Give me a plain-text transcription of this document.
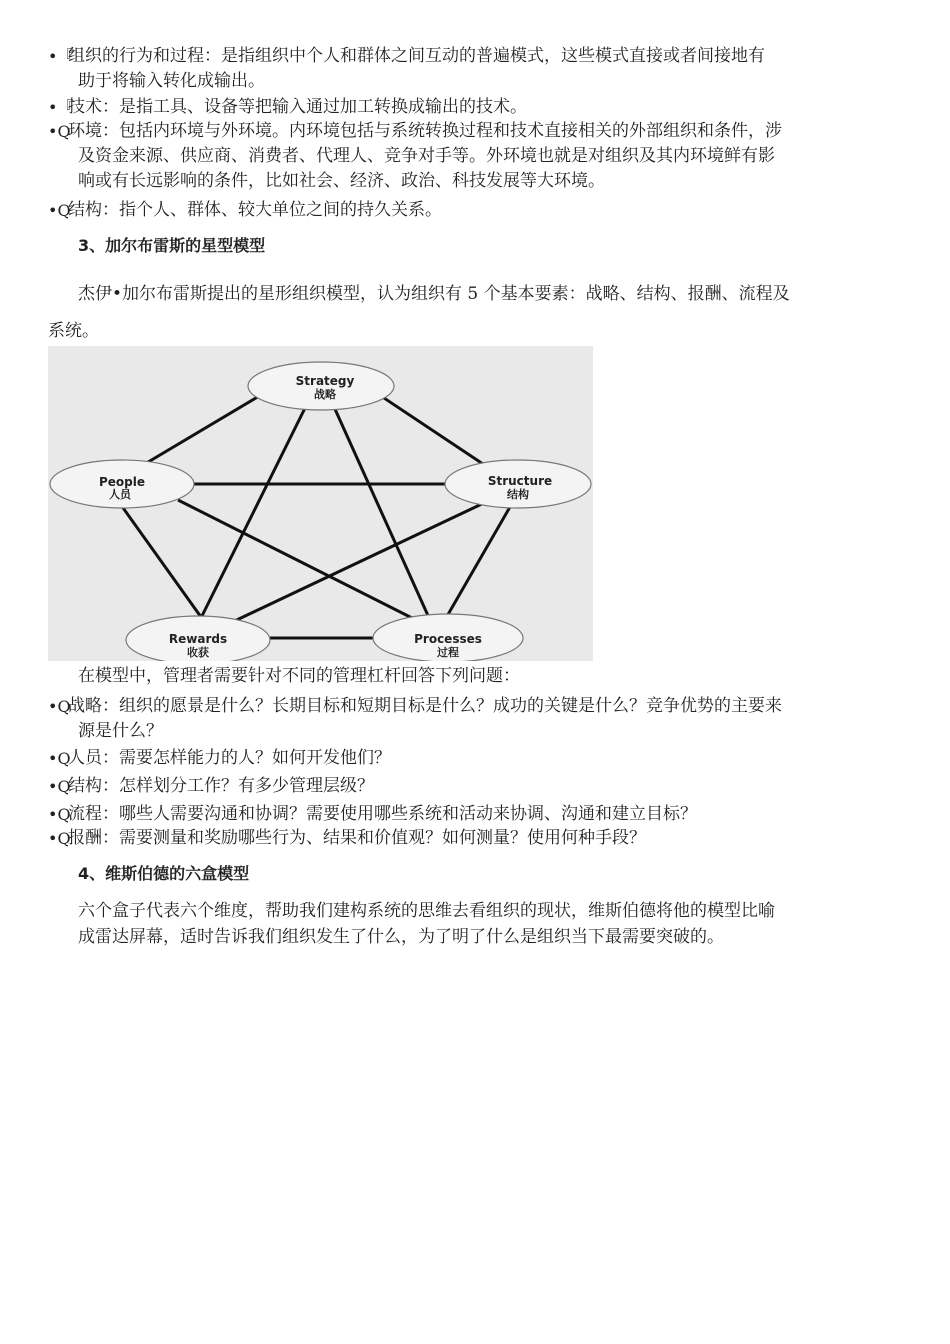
•『
组织的行为和过程：是指组织中个人和群体之间互动的普遍模式，这些模式直接或者间接地有
助于将输入转化成输出。
•『
技术：是指工具、设备等把输入通过加工转换成输出的技术。
•Q
环境：包括内环境与外环境。内环境包括与系统转换过程和技术直接相关的外部组织和条件，涉
及资金来源、供应商、消费者、代理人、竞争对手等。外环境也就是对组织及其内环境鲜有影
响或有长远影响的条件，比如社会、经济、政治、科技发展等大环境。
•Q
结构：指个人、群体、较大单位之间的持久关系。
3、加尔布雷斯的星型模型
杰伊•加尔布雷斯提出的星形组织模型，认为组织有 5 个基本要素：战略、结构、报酬、流程及
系统。
Strategy
战略
People
人员
Structure
结构
Rewards
收获
Processes
过程
在模型中，管理者需要针对不同的管理杠杆回答下列问题：
•Q
战略：组织的愿景是什么？长期目标和短期目标是什么？成功的关键是什么？竞争优势的主要来
源是什么？
•Q
人员：需要怎样能力的人？如何开发他们？
•Q
结构：怎样划分工作？有多少管理层级？
•Q
流程：哪些人需要沟通和协调？需要使用哪些系统和活动来协调、沟通和建立目标？
•Q
报酬：需要测量和奖励哪些行为、结果和价值观？如何测量？使用何种手段？
4、维斯伯德的六盒模型
六个盒子代表六个维度，帮助我们建构系统的思维去看组织的现状，维斯伯德将他的模型比喻
成雷达屏幕，适时告诉我们组织发生了什么，为了明了什么是组织当下最需要突破的。
